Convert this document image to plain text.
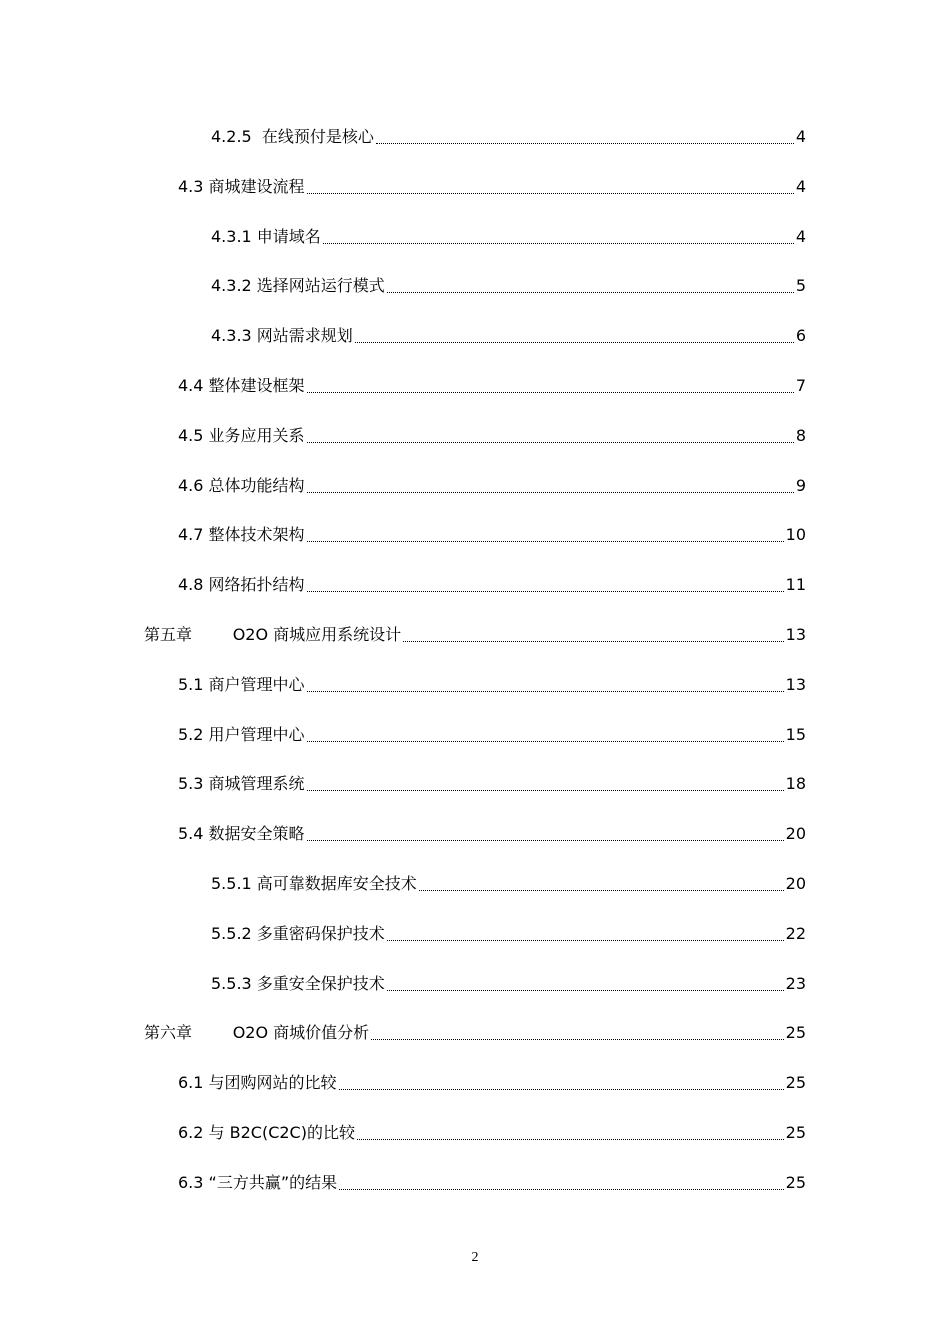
4.2.5  在线预付是核心	4
4.3 商城建设流程	4
4.3.1 申请域名	4
4.3.2 选择网站运行模式	5
4.3.3 网站需求规划	6
4.4 整体建设框架	7
4.5 业务应用关系	8
4.6 总体功能结构	9
4.7 整体技术架构	10
4.8 网络拓扑结构	11
第五章        O2O 商城应用系统设计	13
5.1 商户管理中心	13
5.2 用户管理中心	15
5.3 商城管理系统	18
5.4 数据安全策略	20
5.5.1 高可靠数据库安全技术	20
5.5.2 多重密码保护技术	22
5.5.3 多重安全保护技术	23
第六章        O2O 商城价值分析	25
6.1 与团购网站的比较	25
6.2 与 B2C(C2C)的比较	25
6.3 “三方共赢”的结果	25
2
